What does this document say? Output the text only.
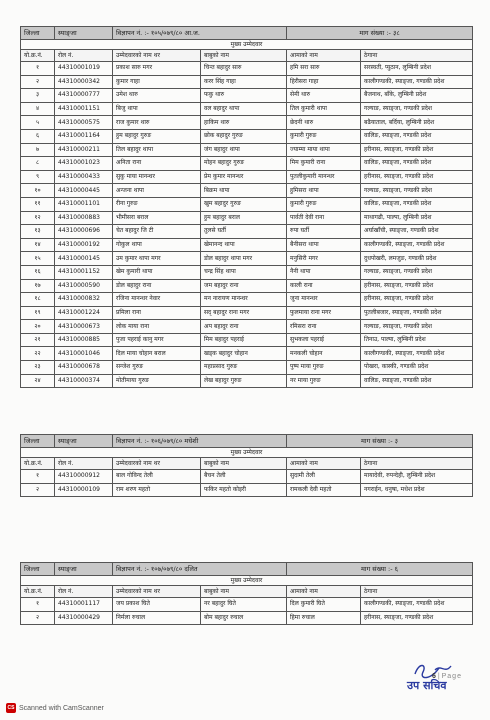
जिल्ला	स्याङ्जा	विज्ञापन नं. :- १०५/०७९/८० आ.ज.		माग संख्या :- ३८	
मुख्य उम्मेदवार					
यो.क्र.नं.	रोल नं.	उम्मेदवारको नाम थर	बाबुको नाम	आमाको नाम	ठेगाना
१	44310001019	प्रकाश सारु मगर	चिन्त बहादुर सारु	हमि सरा सारु	सरस्वती, प्युठान, लुम्बिनी प्रदेश
२	44310000342	कुमार गाहा	करर सिंह गाहा	हिरीसरा गाहा	कालीगण्डकी, स्याङ्जा, गण्डकी प्रदेश
३	44310000777	उमेश थारु	फकु थारु	सेमी थारु	बैजनाथ, बाँके, लुम्बिनी प्रदेश
४	44310001151	बिजु थापा	वल बहादुर थापा	तिल कुमारी थापा	गल्याङ, स्याङ्जा, गण्डकी प्रदेश
५	44310000575	राज कुमार थारु	हाकिम थारु	छेदनी थारु	बढैयाताल, बर्दिया, लुम्बिनी प्रदेश
६	44310001164	हुम बहादुर गुरुङ	छोक बहादुर गुरुङ	कुमारी गुरुङ	वालिङ, स्याङ्जा, गण्डकी प्रदेश
७	44310000211	तिल बहादुर थापा	जंग बहादुर थापा	ज्याम्मा माया थापा	हरीनास, स्याङ्जा, गण्डकी प्रदेश
८	44310001023	अनिता राना	मोहन बहादुर गुरुङ	मिम कुमारी राना	वालिङ, स्याङ्जा, गण्डकी प्रदेश
९	44310000433	सुकु माया मानन्धर	प्रेम कुमार मानन्धर	पुतलीकुमारी मानन्धर	हरीनास, स्याङ्जा, गण्डकी प्रदेश
१०	44310000445	अन्जना थापा	बिक्रम थापा	हुमिसरा थापा	गल्याङ, स्याङ्जा, गण्डकी प्रदेश
११	44310001101	रीना गुरुङ	खुम बहादुर गुरुङ	कुमारी गुरुङ	वालिङ, स्याङ्जा, गण्डकी प्रदेश
१२	44310000883	भीमीसरा बराल	हुम बहादुर बराल	पार्वती देवी राना	माथागढी, पाल्पा, लुम्बिनी प्रदेश
१३	44310000696	चेत बहादुर जि टी	तुलसे घर्ती	रुपा घर्ती	अर्घाखाँची, स्याङ्जा, गण्डकी प्रदेश
१४	44310000192	गोकुल थापा	खेमानन्द थापा	बैनीसरा थापा	कालीगण्डकी, स्याङ्जा, गण्डकी प्रदेश
१५	44310000145	उम कुमार थापा मगर	डोल बहादुर थापा मगर	मनुसिरी मगर	दुधपोखरी, लमजुङ, गण्डकी प्रदेश
१६	44310001152	खेम कुमारी थापा	चन्द्र सिंह थापा	नैनी थापा	गल्याङ, स्याङ्जा, गण्डकी प्रदेश
१७	44310000590	डोल बहादुर राना	जम बहादुर राना	काली राना	हरीनास, स्याङ्जा, गण्डकी प्रदेश
१८	44310000832	रजिना मानन्धर नेवार	मन नारायण मानन्धर	जुना मानन्धर	हरीनास, स्याङ्जा, गण्डकी प्रदेश
१९	44310001224	प्रमिला राना	सद् बहादुर राना मगर	फुलमाया राना मगर	पुतलीबजार, स्याङ्जा, गण्डकी प्रदेश
२०	44310000673	लोक माया राना	अप बहादुर राना	रमिसरा राना	गल्याङ, स्याङ्जा, गण्डकी प्रदेश
२१	44310000885	पुजा पहराई कानु मगर	मिम बहादुर पहराई	सुभकला पहराई	तिनाउ, पाल्पा, लुम्बिनी प्रदेश
२२	44310001046	दिल माया चोहान बराल	खड्क बहादुर चोहान	मनकली चोहान	कालीगण्डकी, स्याङ्जा, गण्डकी प्रदेश
२३	44310000678	सन्जेश गुरुङ	महाप्रसाद गुरुङ	पुष्प माया गुरुङ	पोखरा, कास्की, गण्डकी प्रदेश
२४	44310000374	मोतीमाया गुरुङ	लेख बहादुर गुरुङ	नर माया गुरुङ	वालिङ, स्याङ्जा, गण्डकी प्रदेश
जिल्ला	स्याङ्जा	विज्ञापन नं. :- १०६/०७९/८० मधेशी		माग संख्या :- ३	
मुख्य उम्मेदवार					
यो.क्र.नं.	रोल नं.	उम्मेदवारको नाम थर	बाबुको नाम	आमाको नाम	ठेगाना
१	44310000912	बाल गोविन्द तेली	बैचन तेली	सुदामी तेली	मायादेवी, रुपन्देही, लुम्बिनी प्रदेश
२	44310000109	राम शरण महतो	फकिर महतो कोइरी	रामकली देवी महतो	नगराईन, धनुषा, मधेश प्रदेश
जिल्ला	स्याङ्जा	विज्ञापन नं. :- १०७/०७९/८० दलित		माग संख्या :- ६	
मुख्य उम्मेदवार					
यो.क्र.नं.	रोल नं.	उम्मेदवारको नाम थर	बाबुको नाम	आमाको नाम	ठेगाना
१	44310001117	जय प्रकाश घिते	नर बहादुर घिते	दिल कुमारी घिते	कालीगण्डकी, स्याङ्जा, गण्डकी प्रदेश
२	44310000429	निर्मला रुचाल	बोम बहादुर रुचाल	हिमा रुचाल	हरीनास, स्याङ्जा, गण्डकी प्रदेश
उप सचिव
6 | Page
CS Scanned with CamScanner
